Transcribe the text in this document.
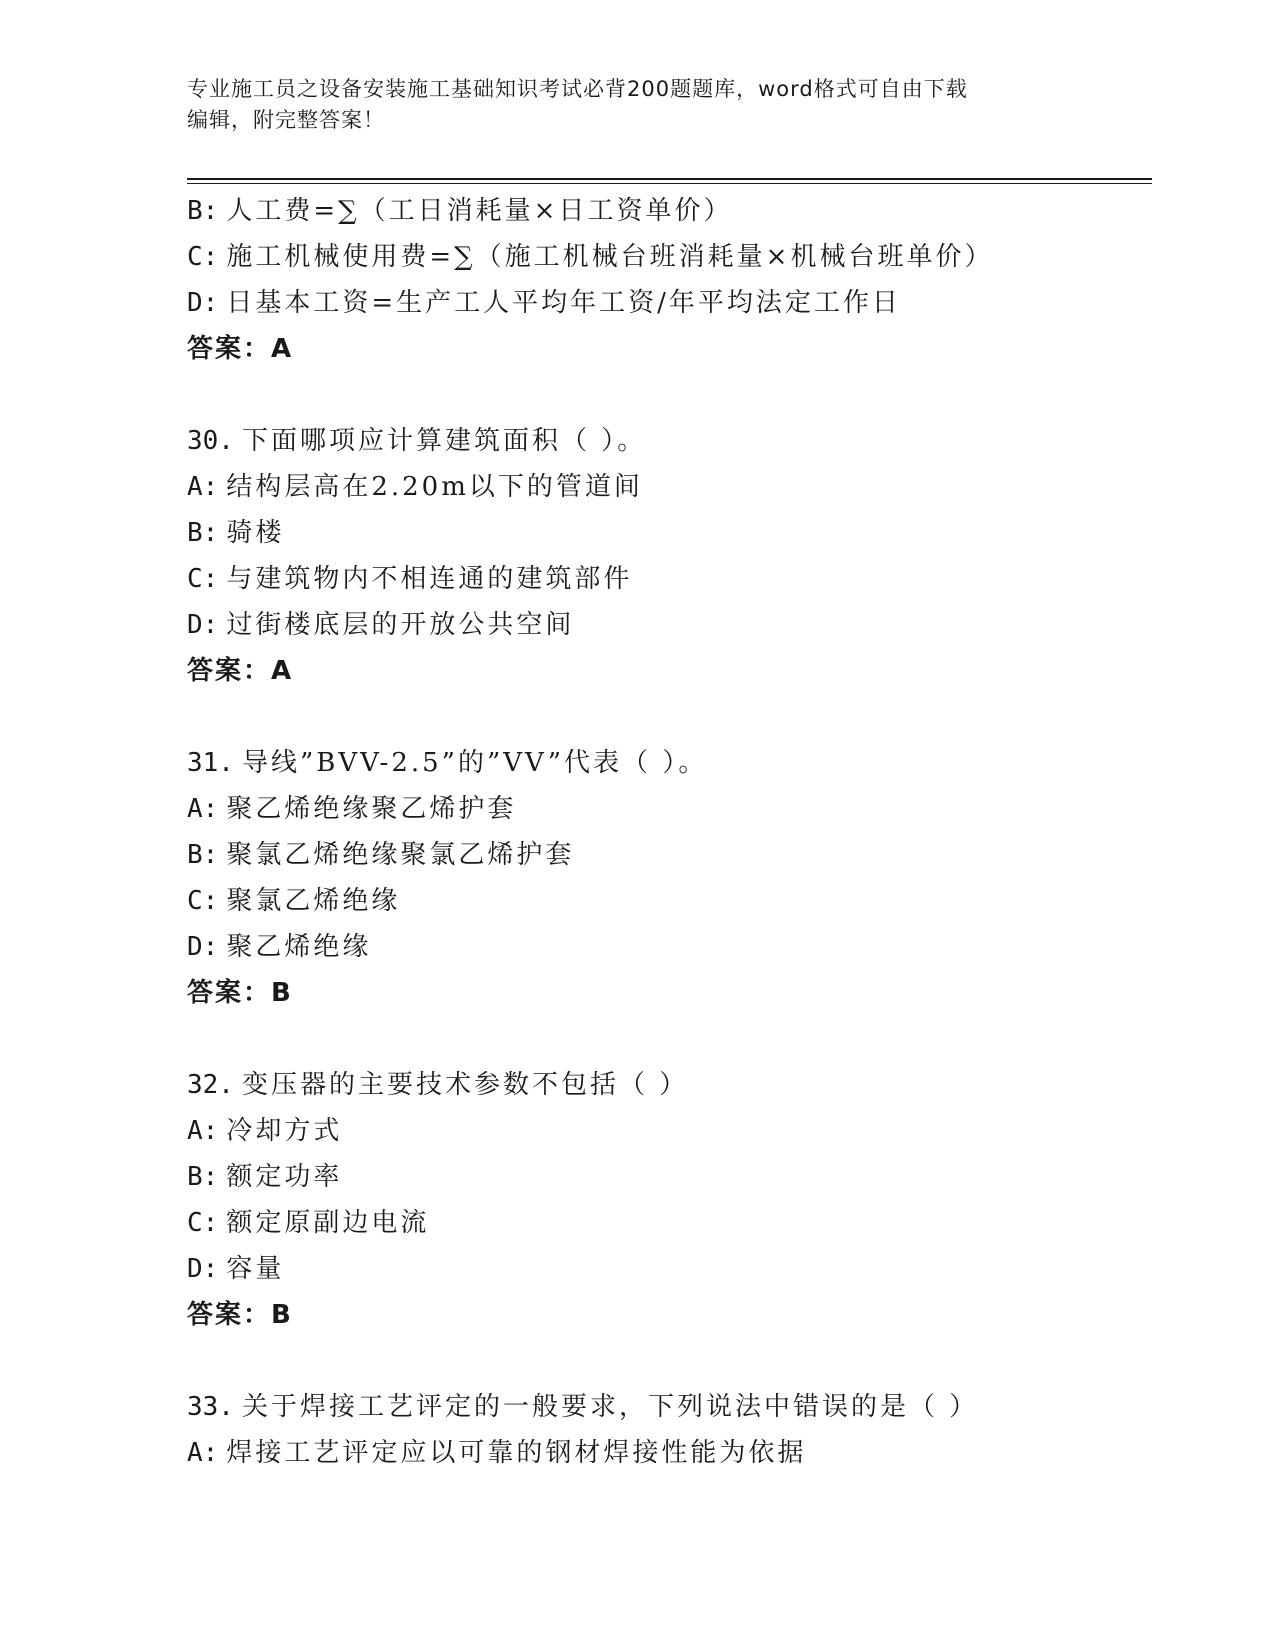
专业施工员之设备安装施工基础知识考试必背200题题库，word格式可自由下载
编辑，附完整答案！
B: 人工费=∑（工日消耗量×日工资单价）
C: 施工机械使用费=∑（施工机械台班消耗量×机械台班单价）
D: 日基本工资=生产工人平均年工资/年平均法定工作日
答案：A
30. 下面哪项应计算建筑面积（ ）。
A: 结构层高在2.20m以下的管道间
B: 骑楼
C: 与建筑物内不相连通的建筑部件
D: 过街楼底层的开放公共空间
答案：A
31. 导线”BVV-2.5”的”VV”代表（ ）。
A: 聚乙烯绝缘聚乙烯护套
B: 聚氯乙烯绝缘聚氯乙烯护套
C: 聚氯乙烯绝缘
D: 聚乙烯绝缘
答案：B
32. 变压器的主要技术参数不包括（ ）
A: 冷却方式
B: 额定功率
C: 额定原副边电流
D: 容量
答案：B
33. 关于焊接工艺评定的一般要求，下列说法中错误的是（ ）
A: 焊接工艺评定应以可靠的钢材焊接性能为依据
